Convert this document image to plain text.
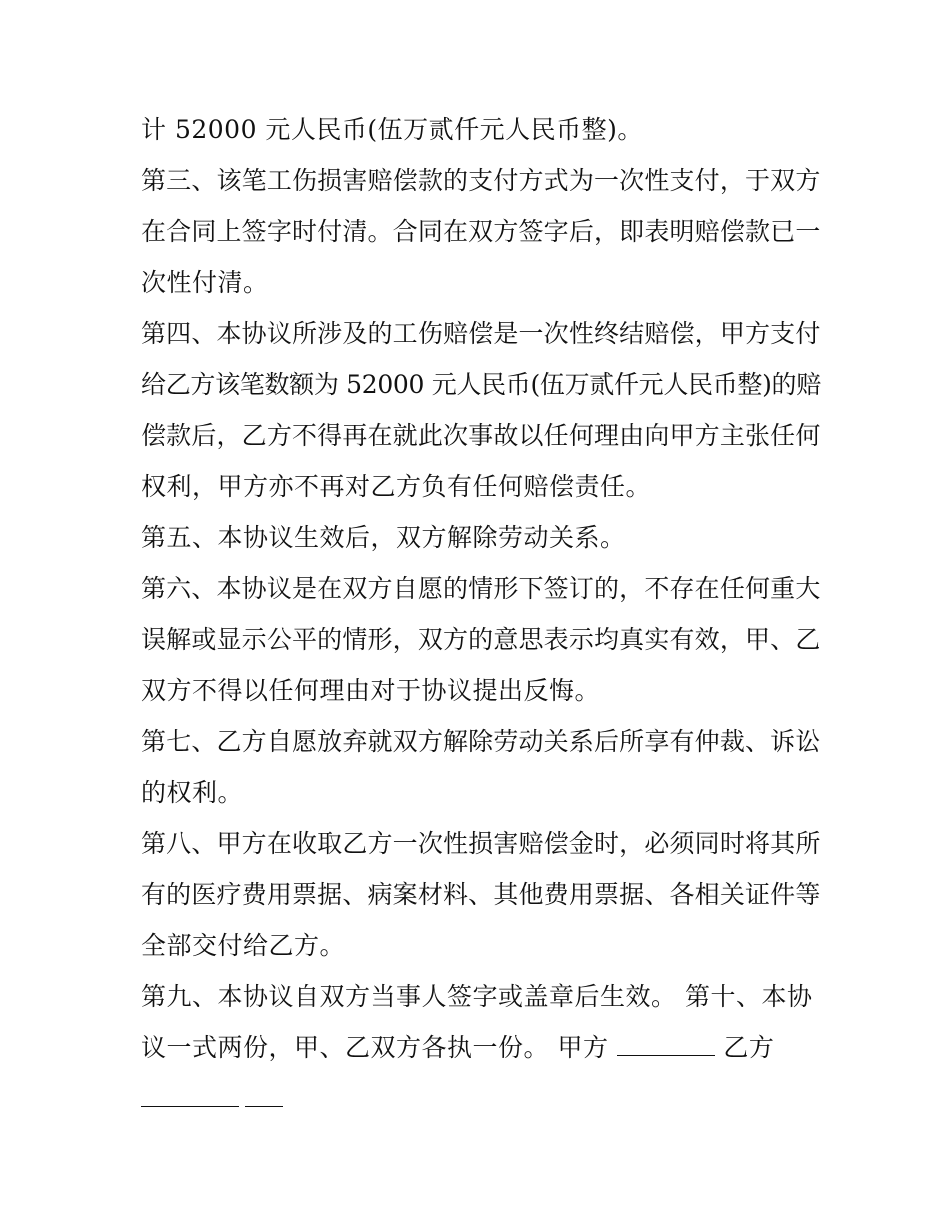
计 52000 元人民币(伍万贰仟元人民币整)。
第三、该笔工伤损害赔偿款的支付方式为一次性支付，于双方
在合同上签字时付清。合同在双方签字后，即表明赔偿款已一
次性付清。
第四、本协议所涉及的工伤赔偿是一次性终结赔偿，甲方支付
给乙方该笔数额为 52000 元人民币(伍万贰仟元人民币整)的赔
偿款后，乙方不得再在就此次事故以任何理由向甲方主张任何
权利，甲方亦不再对乙方负有任何赔偿责任。
第五、本协议生效后，双方解除劳动关系。
第六、本协议是在双方自愿的情形下签订的，不存在任何重大
误解或显示公平的情形，双方的意思表示均真实有效，甲、乙
双方不得以任何理由对于协议提出反悔。
第七、乙方自愿放弃就双方解除劳动关系后所享有仲裁、诉讼
的权利。
第八、甲方在收取乙方一次性损害赔偿金时，必须同时将其所
有的医疗费用票据、病案材料、其他费用票据、各相关证件等
全部交付给乙方。
第九、本协议自双方当事人签字或盖章后生效。 第十、本协
议一式两份，甲、乙双方各执一份。 甲方	乙方
